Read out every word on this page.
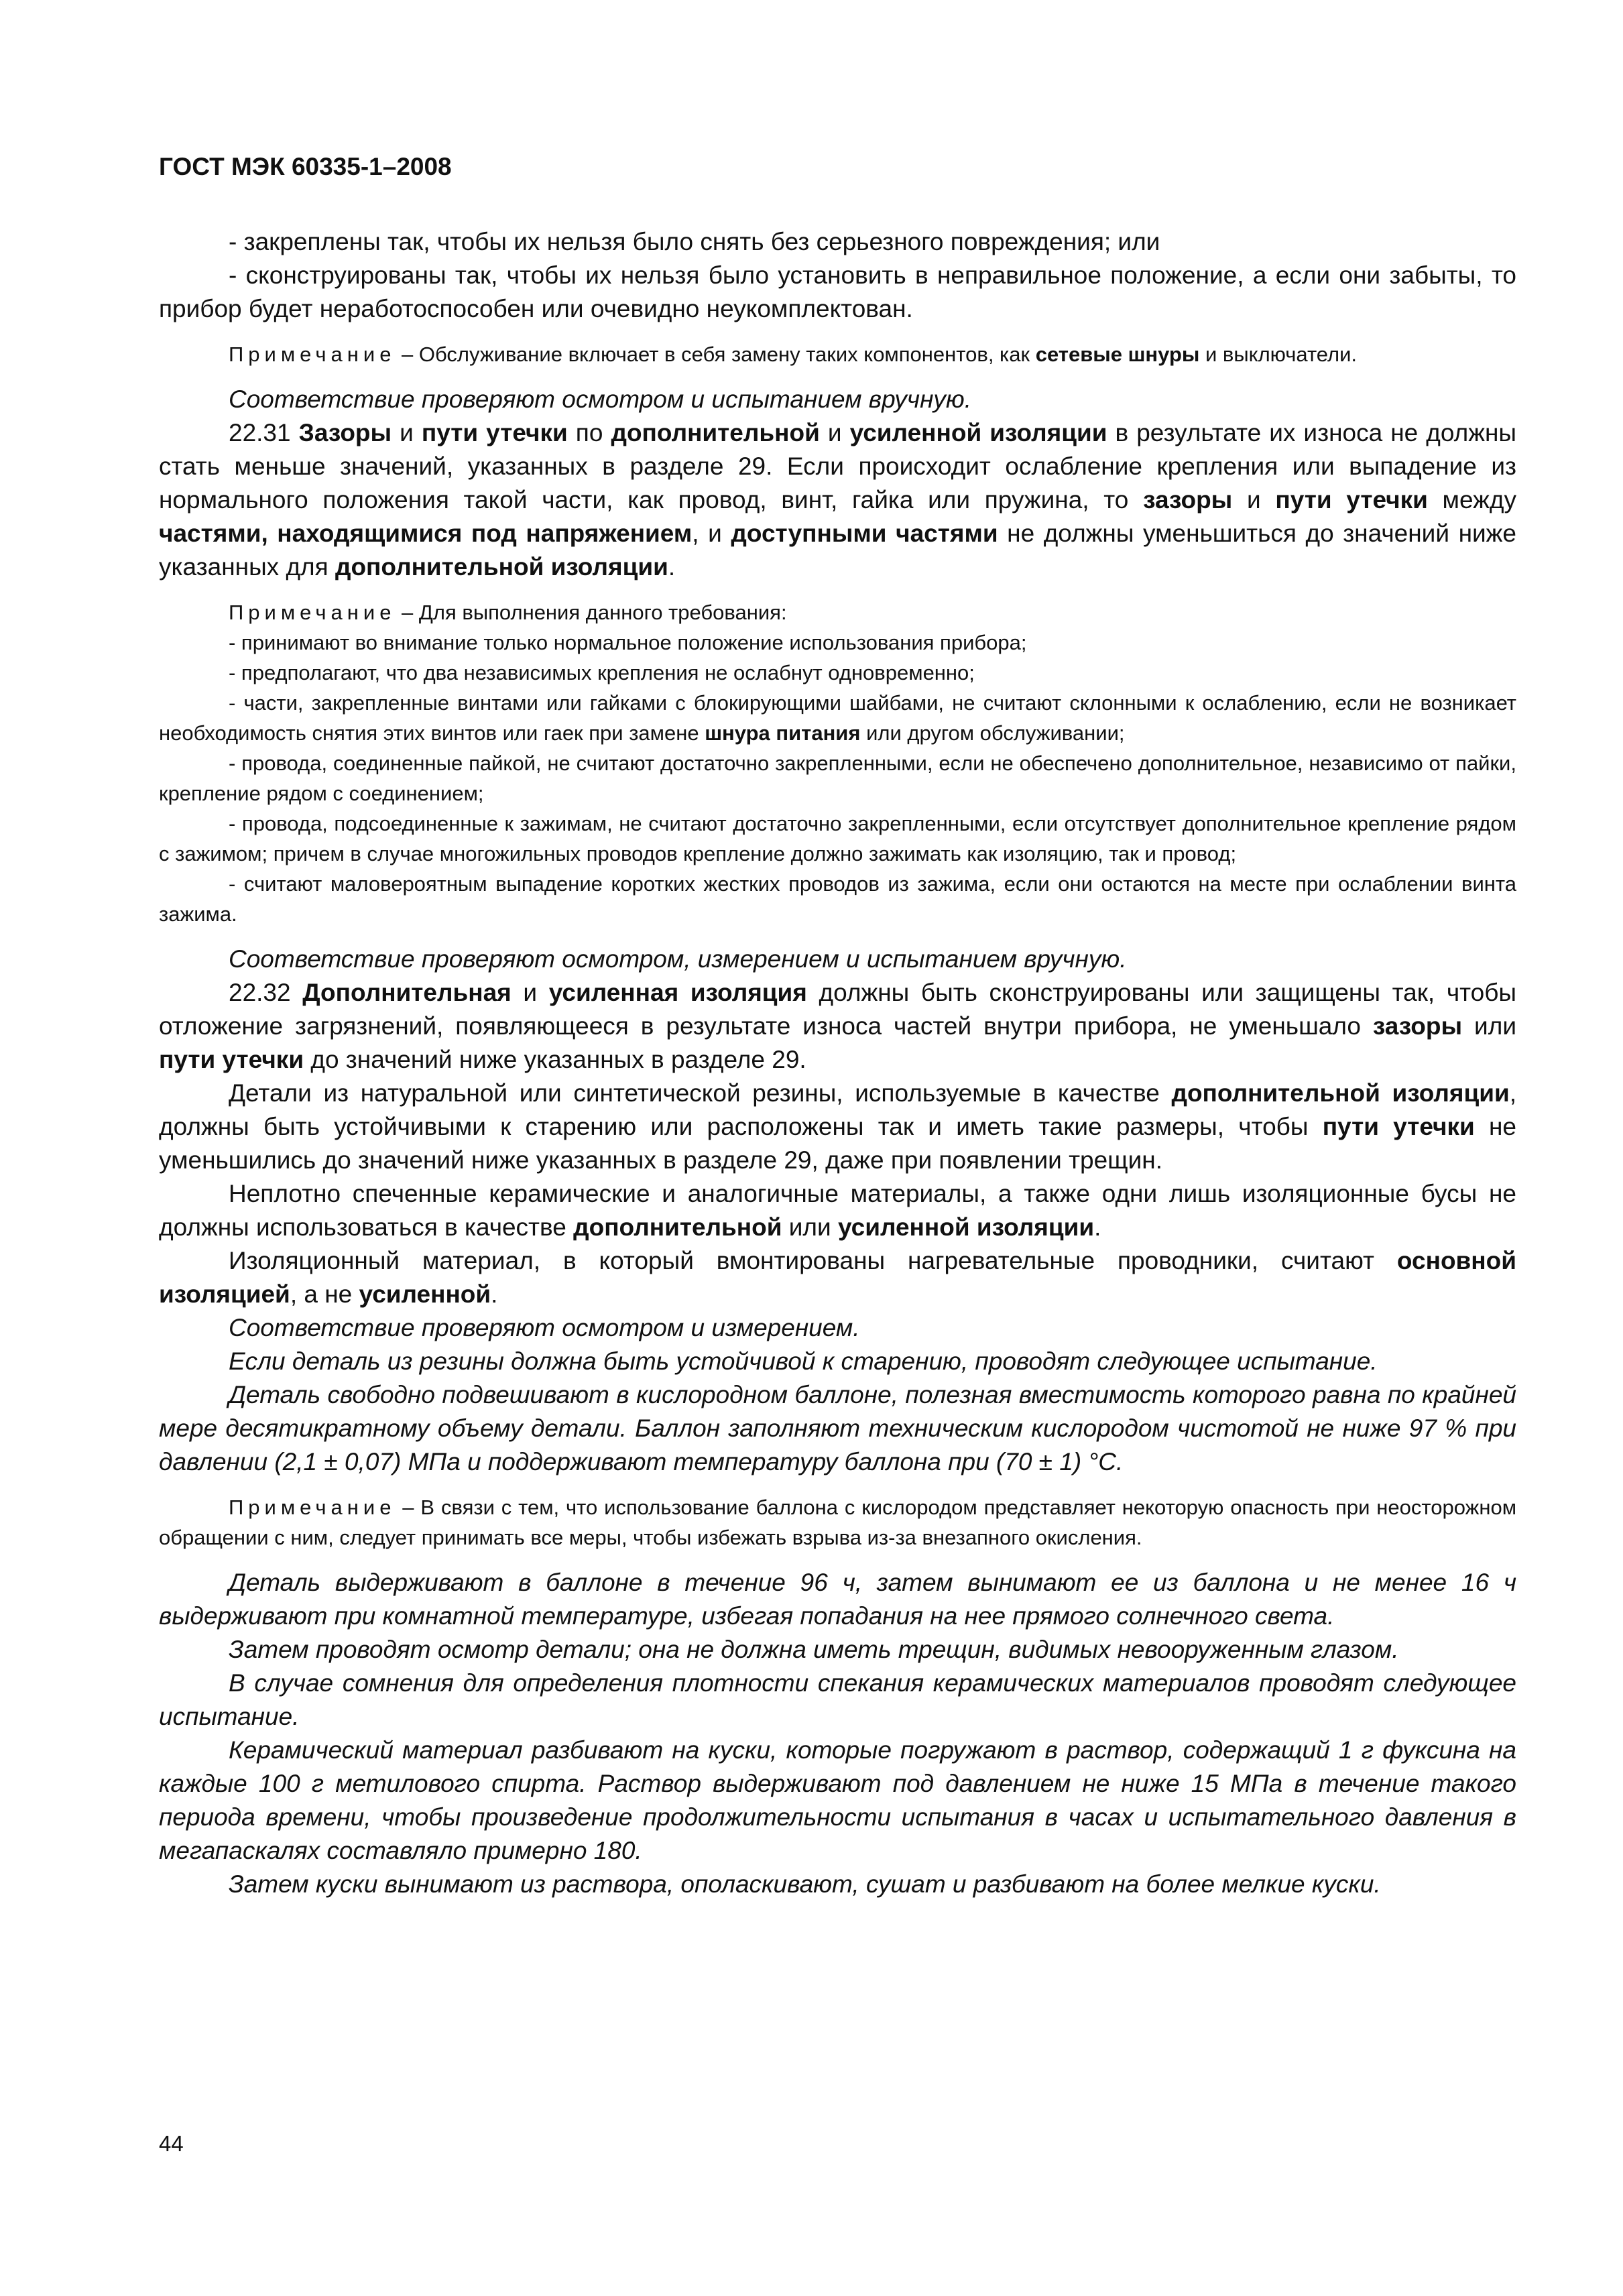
ГОСТ МЭК 60335-1–2008

- закреплены так, чтобы их нельзя было снять без серьезного повреждения; или

- сконструированы так, чтобы их нельзя было установить в неправильное положение, а если они забыты, то прибор будет неработоспособен или очевидно неукомплектован.

Примечание – Обслуживание включает в себя замену таких компонентов, как сетевые шнуры и выключатели.

Соответствие проверяют осмотром и испытанием вручную.

22.31 Зазоры и пути утечки по дополнительной и усиленной изоляции в результате их износа не должны стать меньше значений, указанных в разделе 29. Если происходит ослабление крепления или выпадение из нормального положения такой части, как провод, винт, гайка или пружина, то зазоры и пути утечки между частями, находящимися под напряжением, и доступными частями не должны уменьшиться до значений ниже указанных для дополнительной изоляции.

Примечание – Для выполнения данного требования:

- принимают во внимание только нормальное положение использования прибора;

- предполагают, что два независимых крепления не ослабнут одновременно;

- части, закрепленные винтами или гайками с блокирующими шайбами, не считают склонными к ослаблению, если не возникает необходимость снятия этих винтов или гаек при замене шнура питания или другом обслуживании;

- провода, соединенные пайкой, не считают достаточно закрепленными, если не обеспечено дополнительное, независимо от пайки, крепление рядом с соединением;

- провода, подсоединенные к зажимам, не считают достаточно закрепленными, если отсутствует дополнительное крепление рядом с зажимом; причем в случае многожильных проводов крепление должно зажимать как изоляцию, так и провод;

- считают маловероятным выпадение коротких жестких проводов из зажима, если они остаются на месте при ослаблении винта зажима.

Соответствие проверяют осмотром, измерением и испытанием вручную.

22.32 Дополнительная и усиленная изоляция должны быть сконструированы или защищены так, чтобы отложение загрязнений, появляющееся в результате износа частей внутри прибора, не уменьшало зазоры или пути утечки до значений ниже указанных в разделе 29.

Детали из натуральной или синтетической резины, используемые в качестве дополнительной изоляции, должны быть устойчивыми к старению или расположены так и иметь такие размеры, чтобы пути утечки не уменьшились до значений ниже указанных в разделе 29, даже при появлении трещин.

Неплотно спеченные керамические и аналогичные материалы, а также одни лишь изоляционные бусы не должны использоваться в качестве дополнительной или усиленной изоляции.

Изоляционный материал, в который вмонтированы нагревательные проводники, считают основной изоляцией, а не усиленной.

Соответствие проверяют осмотром и измерением.

Если деталь из резины должна быть устойчивой к старению, проводят следующее испытание.

Деталь свободно подвешивают в кислородном баллоне, полезная вместимость которого равна по крайней мере десятикратному объему детали. Баллон заполняют техническим кислородом чистотой не ниже 97 % при давлении (2,1 ± 0,07) МПа и поддерживают температуру баллона при (70 ± 1) °С.

Примечание – В связи с тем, что использование баллона с кислородом представляет некоторую опасность при неосторожном обращении с ним, следует принимать все меры, чтобы избежать взрыва из-за внезапного окисления.

Деталь выдерживают в баллоне в течение 96 ч, затем вынимают ее из баллона и не менее 16 ч выдерживают при комнатной температуре, избегая попадания на нее прямого солнечного света.

Затем проводят осмотр детали; она не должна иметь трещин, видимых невооруженным глазом.

В случае сомнения для определения плотности спекания керамических материалов проводят следующее испытание.

Керамический материал разбивают на куски, которые погружают в раствор, содержащий 1 г фуксина на каждые 100 г метилового спирта. Раствор выдерживают под давлением не ниже 15 МПа в течение такого периода времени, чтобы произведение продолжительности испытания в часах и испытательного давления в мегапаскалях составляло примерно 180.

Затем куски вынимают из раствора, ополаскивают, сушат и разбивают на более мелкие куски.

44
